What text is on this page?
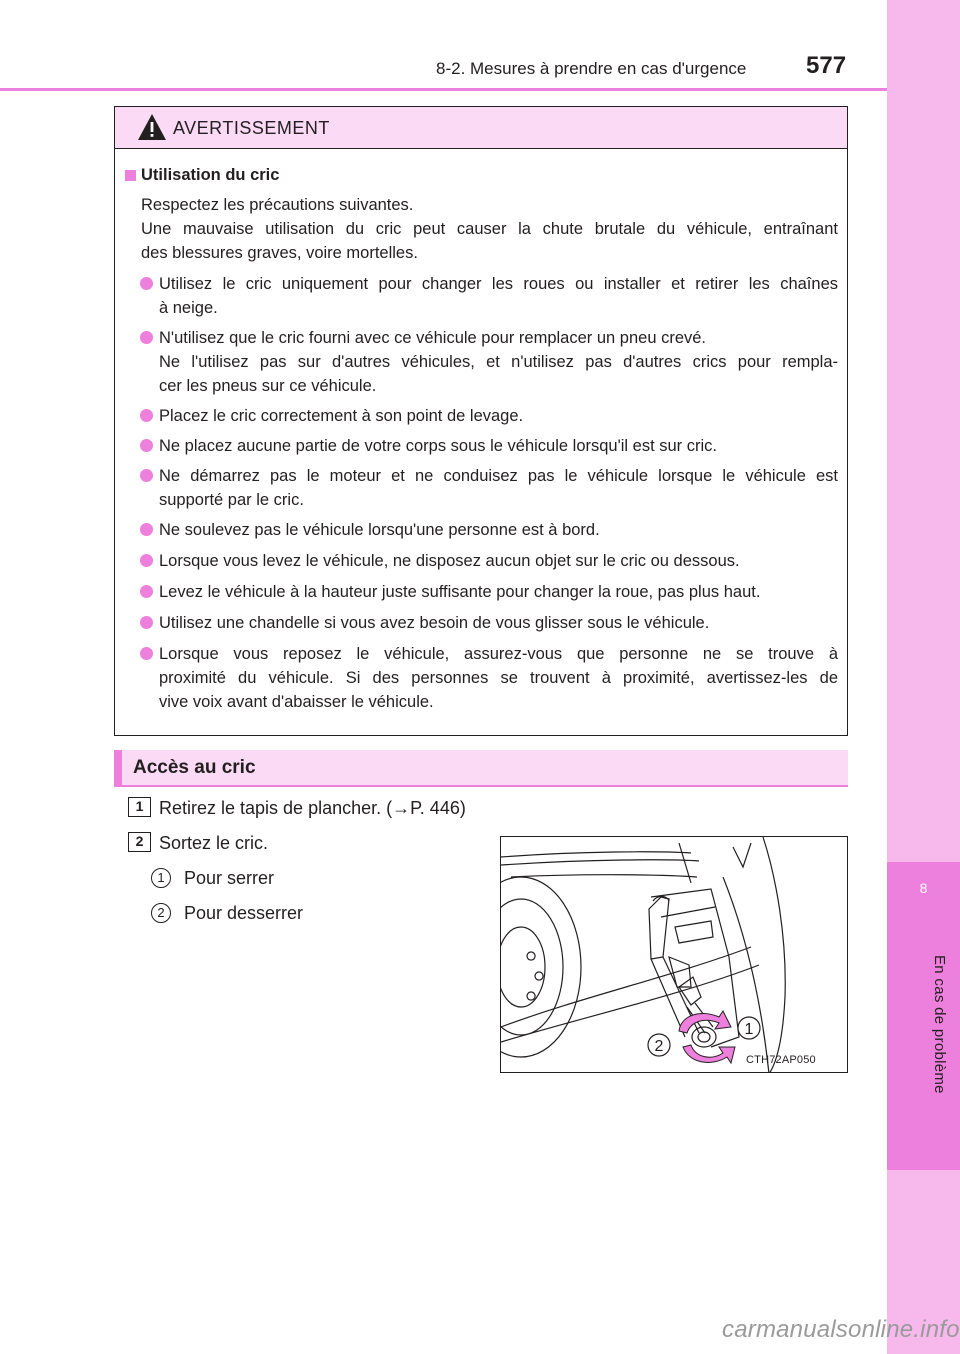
8
En cas de problème
8-2. Mesures à prendre en cas d'urgence 577
AVERTISSEMENT
Utilisation du cric
Respectez les précautions suivantes.
Une mauvaise utilisation du cric peut causer la chute brutale du véhicule, entraînant
des blessures graves, voire mortelles.
Utilisez le cric uniquement pour changer les roues ou installer et retirer les chaînes
à neige.
N'utilisez que le cric fourni avec ce véhicule pour remplacer un pneu crevé.
Ne l'utilisez pas sur d'autres véhicules, et n'utilisez pas d'autres crics pour rempla-
cer les pneus sur ce véhicule.
Placez le cric correctement à son point de levage.
Ne placez aucune partie de votre corps sous le véhicule lorsqu'il est sur cric.
Ne démarrez pas le moteur et ne conduisez pas le véhicule lorsque le véhicule est
supporté par le cric.
Ne soulevez pas le véhicule lorsqu'une personne est à bord.
Lorsque vous levez le véhicule, ne disposez aucun objet sur le cric ou dessous.
Levez le véhicule à la hauteur juste suffisante pour changer la roue, pas plus haut.
Utilisez une chandelle si vous avez besoin de vous glisser sous le véhicule.
Lorsque vous reposez le véhicule, assurez-vous que personne ne se trouve à
proximité du véhicule. Si des personnes se trouvent à proximité, avertissez-les de
vive voix avant d'abaisser le véhicule.
Accès au cric
1 Retirez le tapis de plancher. (→P. 446)
2 Sortez le cric.
1	Pour serrer
2	Pour desserrer
1
2
CTH72AP050
carmanualsonline.info
